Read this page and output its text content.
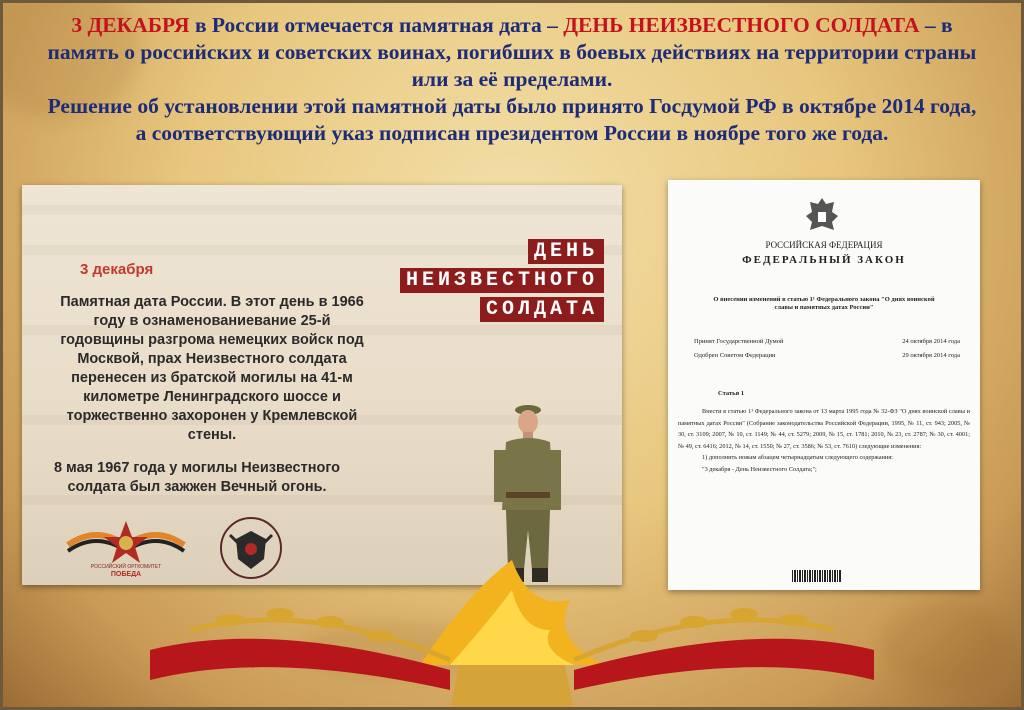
3 ДЕКАБРЯ в России отмечается памятная дата – ДЕНЬ НЕИЗВЕСТНОГО СОЛДАТА – в память о российских и советских воинах, погибших в боевых действиях на территории страны или за её пределами.
Решение об установлении этой памятной даты было принято Госдумой РФ в октябре 2014 года, а соответствующий указ подписан президентом России в ноябре того же года.
3 декабря
ДЕНЬ
НЕИЗВЕСТНОГО
СОЛДАТА
Памятная дата России. В этот день в 1966 году в ознаменованиевание 25-й годовщины разгрома немецких войск под Москвой, прах Неизвестного солдата перенесен из братской могилы на 41-м километре Ленинградского шоссе и торжественно захоронен у Кремлевской стены.
8 мая 1967 года у могилы Неизвестного солдата был зажжен Вечный огонь.
РОССИЙСКИЙ ОРГКОМИТЕТ
ПОБЕДА
РОССИЙСКАЯ ФЕДЕРАЦИЯ
ФЕДЕРАЛЬНЫЙ ЗАКОН
О внесении изменений в статью 1¹ Федерального закона "О днях воинской славы и памятных датах России"
Принят Государственной Думой	24 октября 2014 года
Одобрен Советом Федерации	29 октября 2014 года
Статья 1
Внести в статью 1¹ Федерального закона от 13 марта 1995 года № 32-ФЗ "О днях воинской славы и памятных датах России" (Собрание законодательства Российской Федерации, 1995, № 11, ст. 943; 2005, № 30, ст. 3109; 2007, № 10, ст. 1149; № 44, ст. 5279; 2009, № 15, ст. 1781; 2010, № 23, ст. 2787; № 30, ст. 4001; № 49, ст. 6416; 2012, № 14, ст. 1550; № 27, ст. 3586; № 53, ст. 7610) следующие изменения:
1) дополнить новым абзацем четырнадцатым следующего содержания:
"3 декабря - День Неизвестного Солдата;";
